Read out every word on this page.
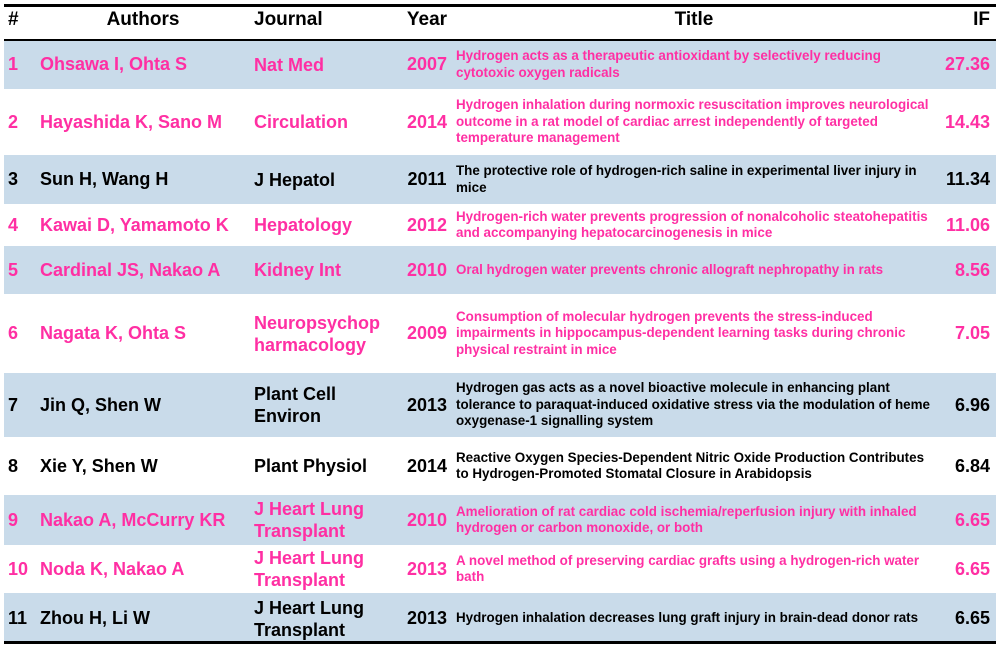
#	Authors	Journal	Year	Title	IF
1	Ohsawa I, Ohta S	Nat Med	2007	Hydrogen acts as a therapeutic antioxidant by selectively reducing cytotoxic oxygen radicals	27.36
2	Hayashida K, Sano M	Circulation	2014	Hydrogen inhalation during normoxic resuscitation improves neurological outcome in a rat model of cardiac arrest independently of targeted temperature management	14.43
3	Sun H, Wang H	J Hepatol	2011	The protective role of hydrogen-rich saline in experimental liver injury in mice	11.34
4	Kawai D, Yamamoto K	Hepatology	2012	Hydrogen-rich water prevents progression of nonalcoholic steatohepatitis and accompanying hepatocarcinogenesis in mice	11.06
5	Cardinal JS, Nakao A	Kidney Int	2010	Oral hydrogen water prevents chronic allograft nephropathy in rats	8.56
6	Nagata K, Ohta S	Neuropsychop harmacology	2009	Consumption of molecular hydrogen prevents the stress-induced impairments in hippocampus-dependent learning tasks during chronic physical restraint in mice	7.05
7	Jin Q, Shen W	Plant Cell Environ	2013	Hydrogen gas acts as a novel bioactive molecule in enhancing plant tolerance to paraquat-induced oxidative stress via the modulation of heme oxygenase-1 signalling system	6.96
8	Xie Y, Shen W	Plant Physiol	2014	Reactive Oxygen Species-Dependent Nitric Oxide Production Contributes to Hydrogen-Promoted Stomatal Closure in Arabidopsis	6.84
9	Nakao A, McCurry KR	J Heart Lung Transplant	2010	Amelioration of rat cardiac cold ischemia/reperfusion injury with inhaled hydrogen or carbon monoxide, or both	6.65
10	Noda K, Nakao A	J Heart Lung Transplant	2013	A novel method of preserving cardiac grafts using a hydrogen-rich water bath	6.65
11	Zhou H, Li W	J Heart Lung Transplant	2013	Hydrogen inhalation decreases lung graft injury in brain-dead donor rats	6.65
